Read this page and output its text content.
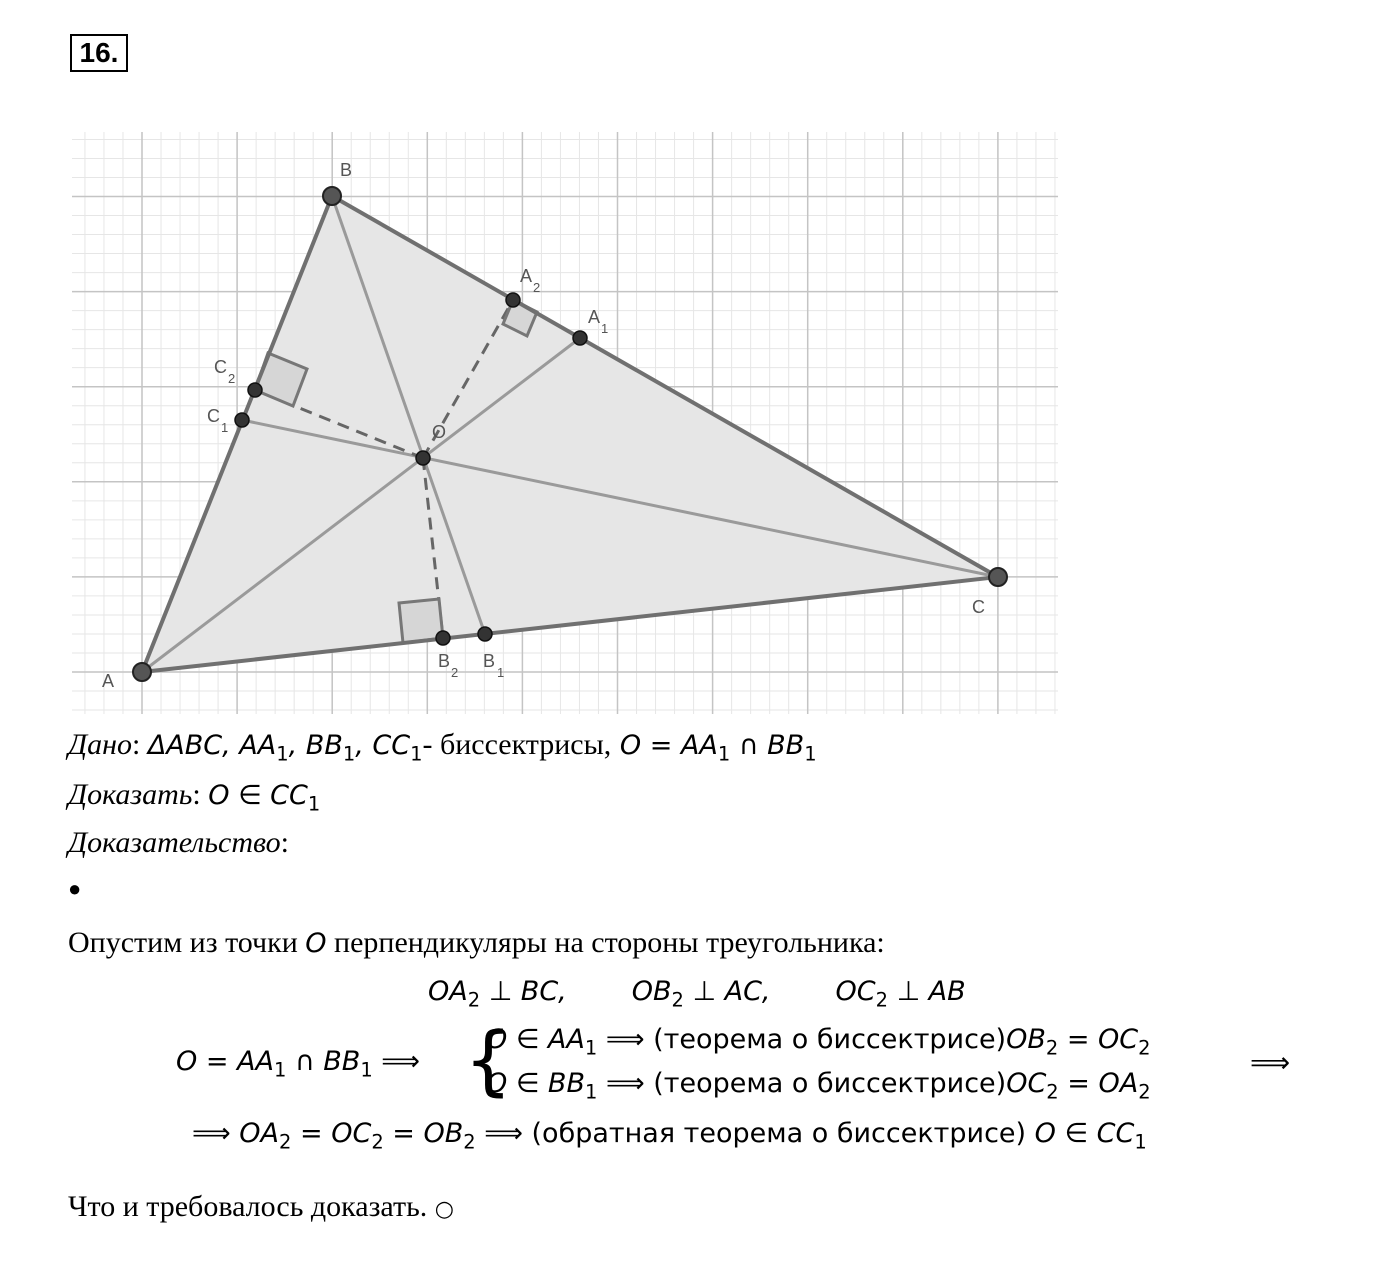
16.
B
A
C
O
A
2
A
1
C
2
C
1
B
2
B
1
Дано: ΔABC, $AA_1$, $BB_1$, $CC_1-$ биссектрисы, $O = AA_1$ ∩ $BB_1$
Доказать: O ∈ $CC_1$
Доказательство:
●
Опустим из точки O перпендикуляры на стороны треугольника:
$OA_2$ ⊥ BC, $OB_2$ ⊥ AC, $OC_2$ ⊥ AB
$O = AA_1$ ∩ $BB_1$ ⟹ {
O ∈ $AA_1$ ⟹ (теорема о $биссектрисе)OB_2 = OC_2$
O ∈ $BB_1$ ⟹ (теорема о $биссектрисе)OC_2 = OA_2$
⟹
⟹ $OA_2 = OC_2 = OB_2$ ⟹ (обратная теорема о биссектрисе) O ∈ $CC_1$
Что и требовалось доказать. ○
